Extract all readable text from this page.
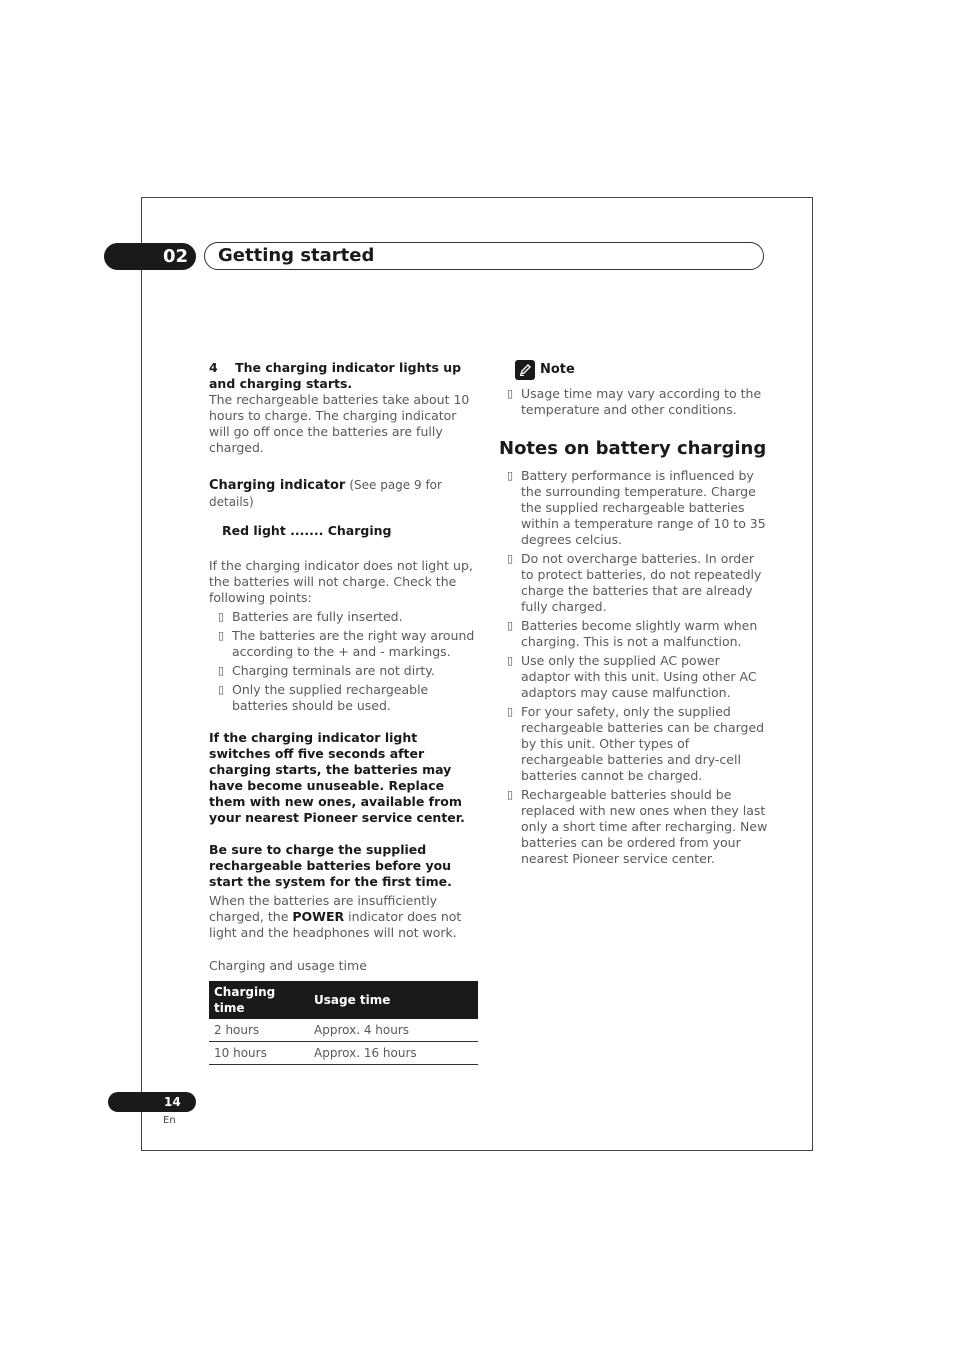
02	Getting started

4 The charging indicator lights up and charging starts.

The rechargeable batteries take about 10 hours to charge. The charging indicator will go off once the batteries are fully charged.

Charging indicator (See page 9 for details)

Red light ....... Charging

If the charging indicator does not light up, the batteries will not charge. Check the following points:

▯ Batteries are fully inserted.
▯ The batteries are the right way around according to the + and - markings.
▯ Charging terminals are not dirty.
▯ Only the supplied rechargeable batteries should be used.

If the charging indicator light switches off five seconds after charging starts, the batteries may have become unuseable. Replace them with new ones, available from your nearest Pioneer service center.

Be sure to charge the supplied rechargeable batteries before you start the system for the first time.

When the batteries are insufficiently charged, the POWER indicator does not light and the headphones will not work.

Charging and usage time

Charging time	Usage time
2 hours	Approx. 4 hours
10 hours	Approx. 16 hours
Note
▯ Usage time may vary according to the temperature and other conditions.

Notes on battery charging

▯ Battery performance is influenced by the surrounding temperature. Charge the supplied rechargeable batteries within a temperature range of 10 to 35 degrees celcius.
▯ Do not overcharge batteries. In order to protect batteries, do not repeatedly charge the batteries that are already fully charged.
▯ Batteries become slightly warm when charging. This is not a malfunction.
▯ Use only the supplied AC power adaptor with this unit. Using other AC adaptors may cause malfunction.
▯ For your safety, only the supplied rechargeable batteries can be charged by this unit. Other types of rechargeable batteries and dry-cell batteries cannot be charged.
▯ Rechargeable batteries should be replaced with new ones when they last only a short time after recharging. New batteries can be ordered from your nearest Pioneer service center.
14
En
